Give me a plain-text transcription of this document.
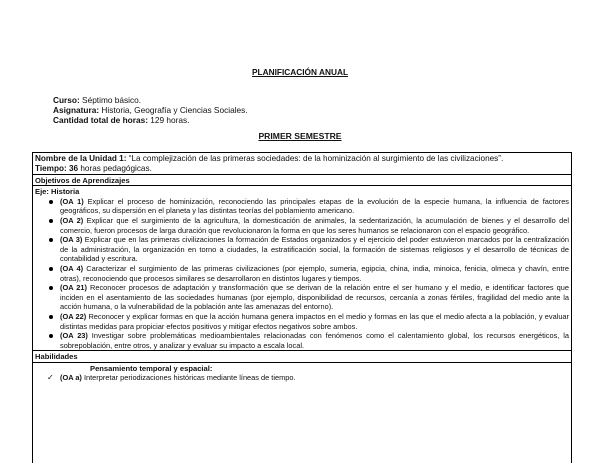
PLANIFICACIÓN ANUAL
Curso: Séptimo básico.
Asignatura: Historia, Geografía y Ciencias Sociales.
Cantidad total de horas: 129 horas.
PRIMER SEMESTRE
Nombre de la Unidad 1: “La complejización de las primeras sociedades: de la hominización al surgimiento de las civilizaciones”.
Tiempo: 36 horas pedagógicas.
Objetivos de Aprendizajes
Eje: Historia
(OA 1) Explicar el proceso de hominización, reconociendo las principales etapas de la evolución de la especie humana, la influencia de factores geográficos, su dispersión en el planeta y las distintas teorías del poblamiento americano.
(OA 2) Explicar que el surgimiento de la agricultura, la domesticación de animales, la sedentarización, la acumulación de bienes y el desarrollo del comercio, fueron procesos de larga duración que revolucionaron la forma en que los seres humanos se relacionaron con el espacio geográfico.
(OA 3) Explicar que en las primeras civilizaciones la formación de Estados organizados y el ejercicio del poder estuvieron marcados por la centralización de la administración, la organización en torno a ciudades, la estratificación social, la formación de sistemas religiosos y el desarrollo de técnicas de contabilidad y escritura.
(OA 4) Caracterizar el surgimiento de las primeras civilizaciones (por ejemplo, sumeria, egipcia, china, india, minoica, fenicia, olmeca y chavín, entre otras), reconociendo que procesos similares se desarrollaron en distintos lugares y tiempos.
(OA 21) Reconocer procesos de adaptación y transformación que se derivan de la relación entre el ser humano y el medio, e identificar factores que inciden en el asentamiento de las sociedades humanas (por ejemplo, disponibilidad de recursos, cercanía a zonas fértiles, fragilidad del medio ante la acción humana, o la vulnerabilidad de la población ante las amenazas del entorno).
(OA 22) Reconocer y explicar formas en que la acción humana genera impactos en el medio y formas en las que el medio afecta a la población, y evaluar distintas medidas para propiciar efectos positivos y mitigar efectos negativos sobre ambos.
(OA 23) Investigar sobre problemáticas medioambientales relacionadas con fenómenos como el calentamiento global, los recursos energéticos, la sobrepoblación, entre otros, y analizar y evaluar su impacto a escala local.
Habilidades
Pensamiento temporal y espacial:
✓ (OA a) Interpretar periodizaciones históricas mediante líneas de tiempo.
